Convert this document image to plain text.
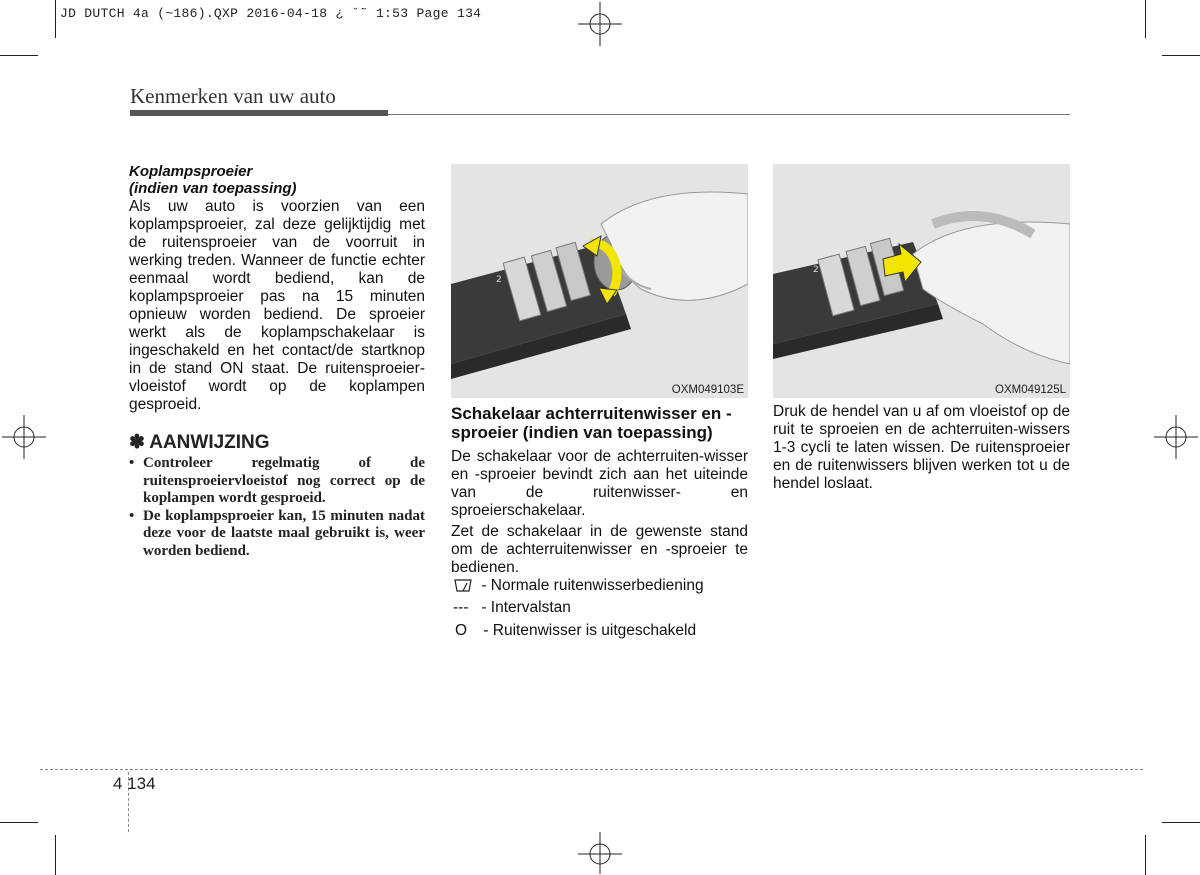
JD DUTCH 4a (~186).QXP 2016-04-18 ¿ ˘˜ 1:53 Page 134
Kenmerken van uw auto
Koplampsproeier
(indien van toepassing)
Als uw auto is voorzien van een koplampsproeier, zal deze gelijktijdig met de ruitensproeier van de voorruit in werking treden. Wanneer de functie echter eenmaal wordt bediend, kan de koplampsproeier pas na 15 minuten opnieuw worden bediend. De sproeier werkt als de koplampschakelaar is ingeschakeld en het contact/de startknop in de stand ON staat. De ruitensproeier-vloeistof wordt op de koplampen gesproeid.
✽ AANWIJZING
• Controleer regelmatig of de ruitensproeiervloeistof nog correct op de koplampen wordt gesproeid.
• De koplampsproeier kan, 15 minuten nadat deze voor de laatste maal gebruikt is, weer worden bediend.
2
OXM049103E
2
OXM049125L
Schakelaar achterruitenwisser en -sproeier (indien van toepassing)
De schakelaar voor de achterruiten-wisser en -sproeier bevindt zich aan het uiteinde van de ruitenwisser- en sproeierschakelaar.
Zet de schakelaar in de gewenste stand om de achterruitenwisser en -sproeier te bedienen.
- Normale ruitenwisserbediening
--- - Intervalstan
O - Ruitenwisser is uitgeschakeld
Druk de hendel van u af om vloeistof op de ruit te sproeien en de achterruiten-wissers 1-3 cycli te laten wissen. De ruitensproeier en de ruitenwissers blijven werken tot u de hendel loslaat.
4 134
